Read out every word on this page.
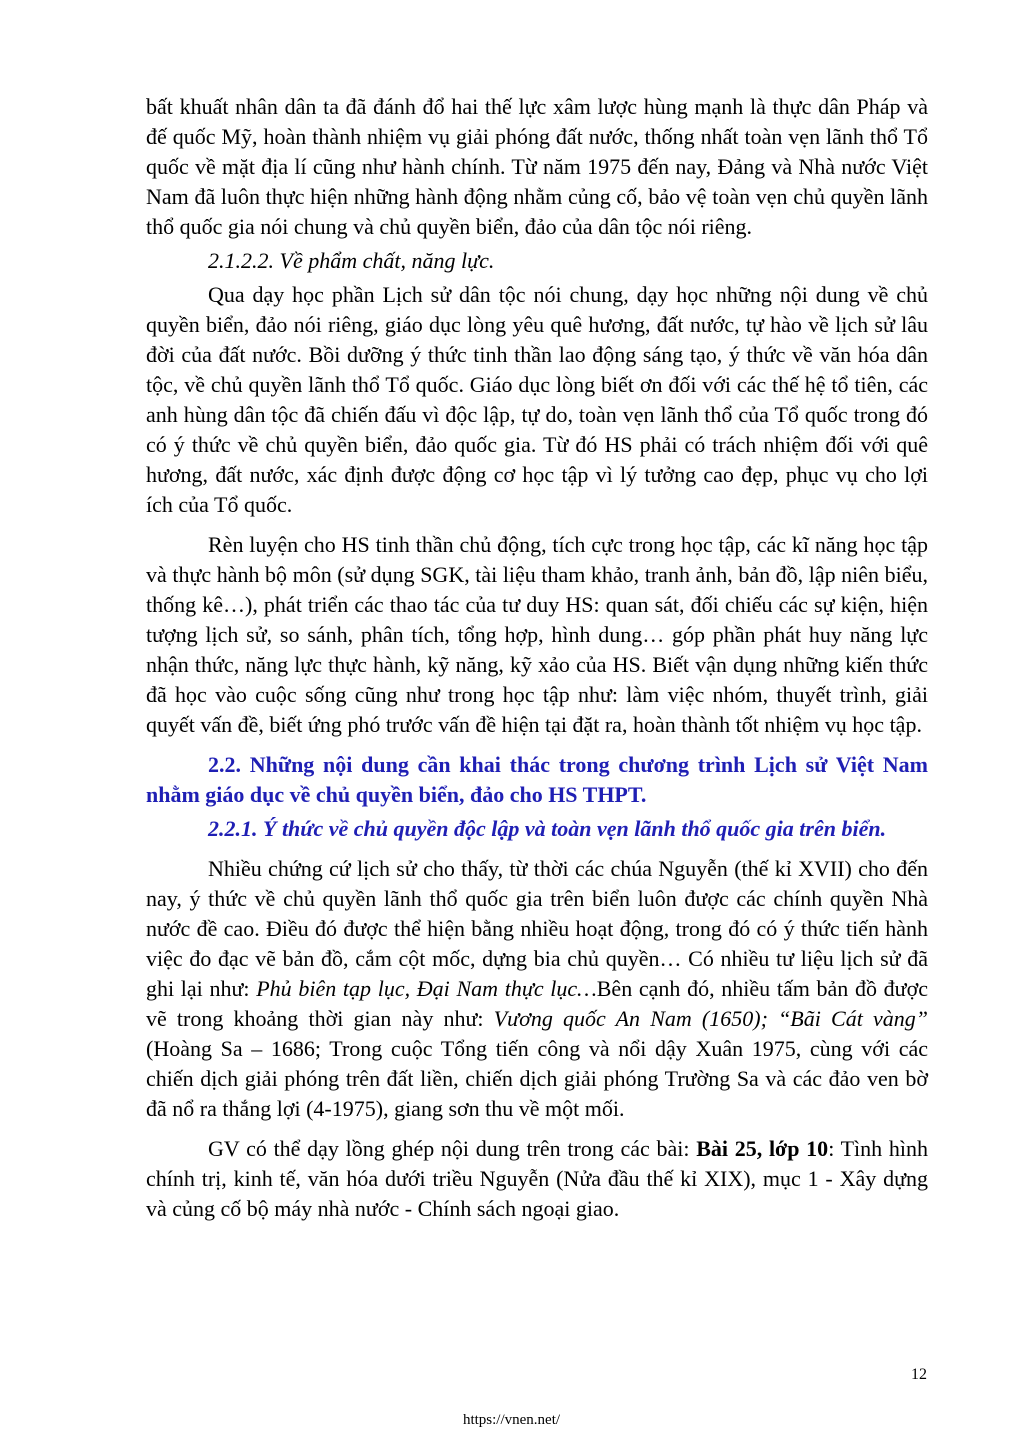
bất khuất nhân dân ta đã đánh đổ hai thế lực xâm lược hùng mạnh là thực dân Pháp và đế quốc Mỹ, hoàn thành nhiệm vụ giải phóng đất nước, thống nhất toàn vẹn lãnh thổ Tổ quốc về mặt địa lí cũng như hành chính. Từ năm 1975 đến nay, Đảng và Nhà nước Việt Nam đã luôn thực hiện những hành động nhằm củng cố, bảo vệ toàn vẹn chủ quyền lãnh thổ quốc gia nói chung và chủ quyền biển, đảo của dân tộc nói riêng.

2.1.2.2. Về phẩm chất, năng lực.

Qua dạy học phần Lịch sử dân tộc nói chung, dạy học những nội dung về chủ quyền biển, đảo nói riêng, giáo dục lòng yêu quê hương, đất nước, tự hào về lịch sử lâu đời của đất nước. Bồi dưỡng ý thức tinh thần lao động sáng tạo, ý thức về văn hóa dân tộc, về chủ quyền lãnh thổ Tổ quốc. Giáo dục lòng biết ơn đối với các thế hệ tổ tiên, các anh hùng dân tộc đã chiến đấu vì độc lập, tự do, toàn vẹn lãnh thổ của Tổ quốc trong đó có ý thức về chủ quyền biển, đảo quốc gia. Từ đó HS phải có trách nhiệm đối với quê hương, đất nước, xác định được động cơ học tập vì lý tưởng cao đẹp, phục vụ cho lợi ích của Tổ quốc.

Rèn luyện cho HS tinh thần chủ động, tích cực trong học tập, các kĩ năng học tập và thực hành bộ môn (sử dụng SGK, tài liệu tham khảo, tranh ảnh, bản đồ, lập niên biểu, thống kê…), phát triển các thao tác của tư duy HS: quan sát, đối chiếu các sự kiện, hiện tượng lịch sử, so sánh, phân tích, tổng hợp, hình dung… góp phần phát huy năng lực nhận thức, năng lực thực hành, kỹ năng, kỹ xảo của HS. Biết vận dụng những kiến thức đã học vào cuộc sống cũng như trong học tập như: làm việc nhóm, thuyết trình, giải quyết vấn đề, biết ứng phó trước vấn đề hiện tại đặt ra, hoàn thành tốt nhiệm vụ học tập.

2.2. Những nội dung cần khai thác trong chương trình Lịch sử Việt Nam nhằm giáo dục về chủ quyền biển, đảo cho HS THPT.

2.2.1. Ý thức về chủ quyền độc lập và toàn vẹn lãnh thổ quốc gia trên biển.

Nhiều chứng cứ lịch sử cho thấy, từ thời các chúa Nguyễn (thế kỉ XVII) cho đến nay, ý thức về chủ quyền lãnh thổ quốc gia trên biển luôn được các chính quyền Nhà nước đề cao. Điều đó được thể hiện bằng nhiều hoạt động, trong đó có ý thức tiến hành việc đo đạc vẽ bản đồ, cắm cột mốc, dựng bia chủ quyền… Có nhiều tư liệu lịch sử đã ghi lại như: Phủ biên tạp lục, Đại Nam thực lục…Bên cạnh đó, nhiều tấm bản đồ được vẽ trong khoảng thời gian này như: Vương quốc An Nam (1650); “Bãi Cát vàng” (Hoàng Sa – 1686; Trong cuộc Tổng tiến công và nổi dậy Xuân 1975, cùng với các chiến dịch giải phóng trên đất liền, chiến dịch giải phóng Trường Sa và các đảo ven bờ đã nổ ra thắng lợi (4-1975), giang sơn thu về một mối.

GV có thể dạy lồng ghép nội dung trên trong các bài: Bài 25, lớp 10: Tình hình chính trị, kinh tế, văn hóa dưới triều Nguyễn (Nửa đầu thế kỉ XIX), mục 1 - Xây dựng và củng cố bộ máy nhà nước - Chính sách ngoại giao.

12
https://vnen.net/
